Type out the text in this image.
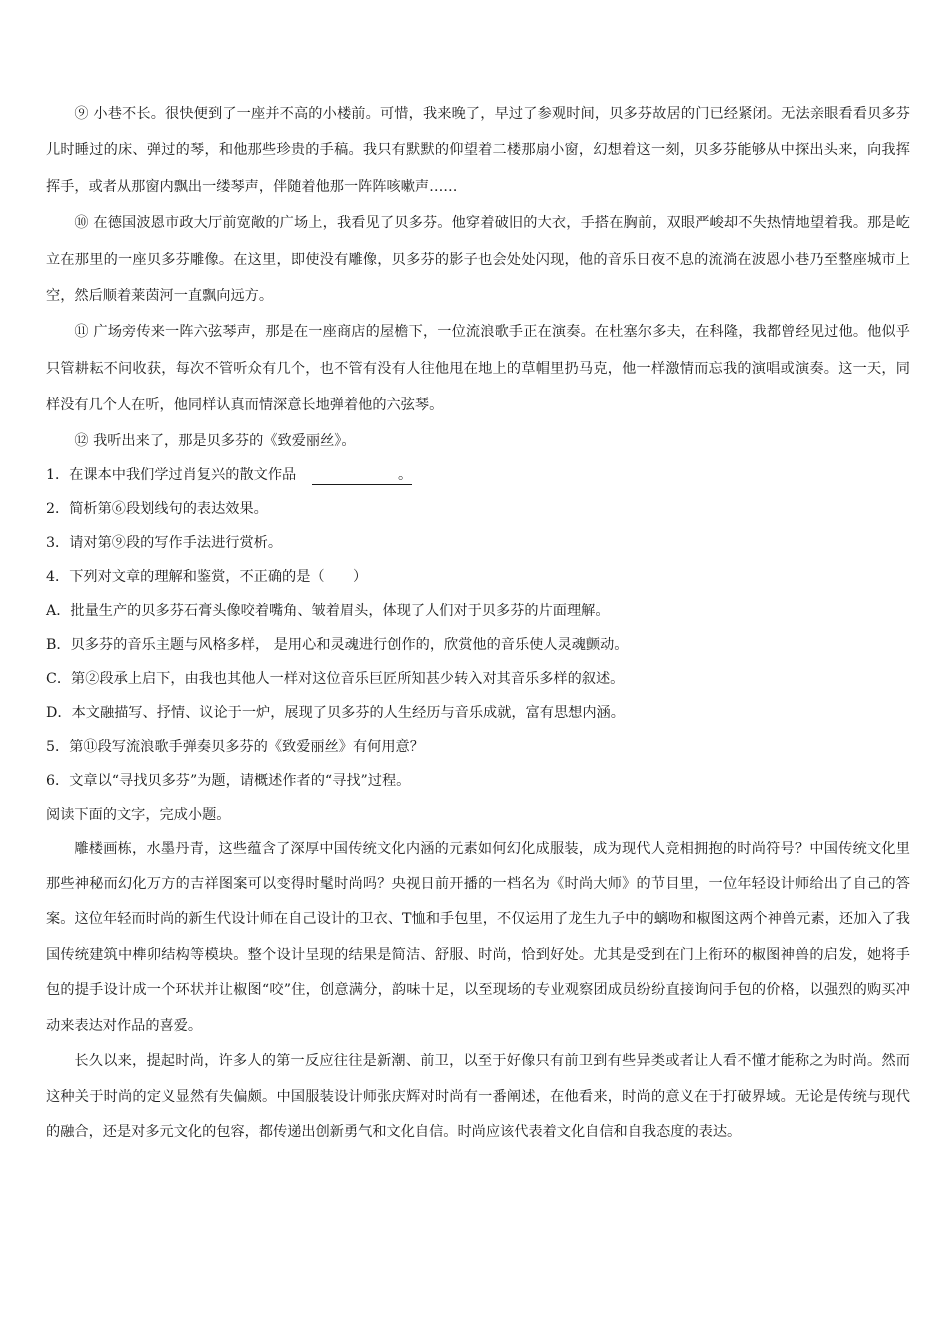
⑨ 小巷不长。很快便到了一座并不高的小楼前。可惜，我来晚了，早过了参观时间，贝多芬故居的门已经紧闭。无法亲眼看看贝多芬儿时睡过的床、弹过的琴，和他那些珍贵的手稿。我只有默默的仰望着二楼那扇小窗，幻想着这一刻，贝多芬能够从中探出头来，向我挥挥手，或者从那窗内飘出一缕琴声，伴随着他那一阵阵咳嗽声……

⑩ 在德国波恩市政大厅前宽敞的广场上，我看见了贝多芬。他穿着破旧的大衣，手搭在胸前，双眼严峻却不失热情地望着我。那是屹立在那里的一座贝多芬雕像。在这里，即使没有雕像，贝多芬的影子也会处处闪现，他的音乐日夜不息的流淌在波恩小巷乃至整座城市上空，然后顺着莱茵河一直飘向远方。

⑪ 广场旁传来一阵六弦琴声，那是在一座商店的屋檐下，一位流浪歌手正在演奏。在杜塞尔多夫，在科隆，我都曾经见过他。他似乎只管耕耘不问收获，每次不管听众有几个，也不管有没有人往他甩在地上的草帽里扔马克，他一样激情而忘我的演唱或演奏。这一天，同样没有几个人在听，他同样认真而情深意长地弹着他的六弦琴。

⑫ 我听出来了，那是贝多芬的《致爱丽丝》。

1．在课本中我们学过肖复兴的散文作品	。

2．简析第⑥段划线句的表达效果。

3．请对第⑨段的写作手法进行赏析。

4．下列对文章的理解和鉴赏，不正确的是（　　）

A．批量生产的贝多芬石膏头像咬着嘴角、皱着眉头，体现了人们对于贝多芬的片面理解。

B．贝多芬的音乐主题与风格多样， 是用心和灵魂进行创作的，欣赏他的音乐使人灵魂颤动。

C．第②段承上启下，由我也其他人一样对这位音乐巨匠所知甚少转入对其音乐多样的叙述。

D．本文融描写、抒情、议论于一炉，展现了贝多芬的人生经历与音乐成就，富有思想内涵。

5．第⑪段写流浪歌手弹奏贝多芬的《致爱丽丝》有何用意？

6．文章以“寻找贝多芬”为题，请概述作者的“寻找”过程。

阅读下面的文字，完成小题。

雕楼画栋，水墨丹青，这些蕴含了深厚中国传统文化内涵的元素如何幻化成服装，成为现代人竞相拥抱的时尚符号？中国传统文化里那些神秘而幻化万方的吉祥图案可以变得时髦时尚吗？央视日前开播的一档名为《时尚大师》的节目里，一位年轻设计师给出了自己的答案。这位年轻而时尚的新生代设计师在自己设计的卫衣、T恤和手包里，不仅运用了龙生九子中的螭吻和椒图这两个神兽元素，还加入了我国传统建筑中榫卯结构等模块。整个设计呈现的结果是简洁、舒服、时尚，恰到好处。尤其是受到在门上衔环的椒图神兽的启发，她将手包的提手设计成一个环状并让椒图“咬”住，创意满分，韵味十足，以至现场的专业观察团成员纷纷直接询问手包的价格，以强烈的购买冲动来表达对作品的喜爱。

长久以来，提起时尚，许多人的第一反应往往是新潮、前卫，以至于好像只有前卫到有些异类或者让人看不懂才能称之为时尚。然而这种关于时尚的定义显然有失偏颇。中国服装设计师张庆辉对时尚有一番阐述，在他看来，时尚的意义在于打破界域。无论是传统与现代的融合，还是对多元文化的包容，都传递出创新勇气和文化自信。时尚应该代表着文化自信和自我态度的表达。
